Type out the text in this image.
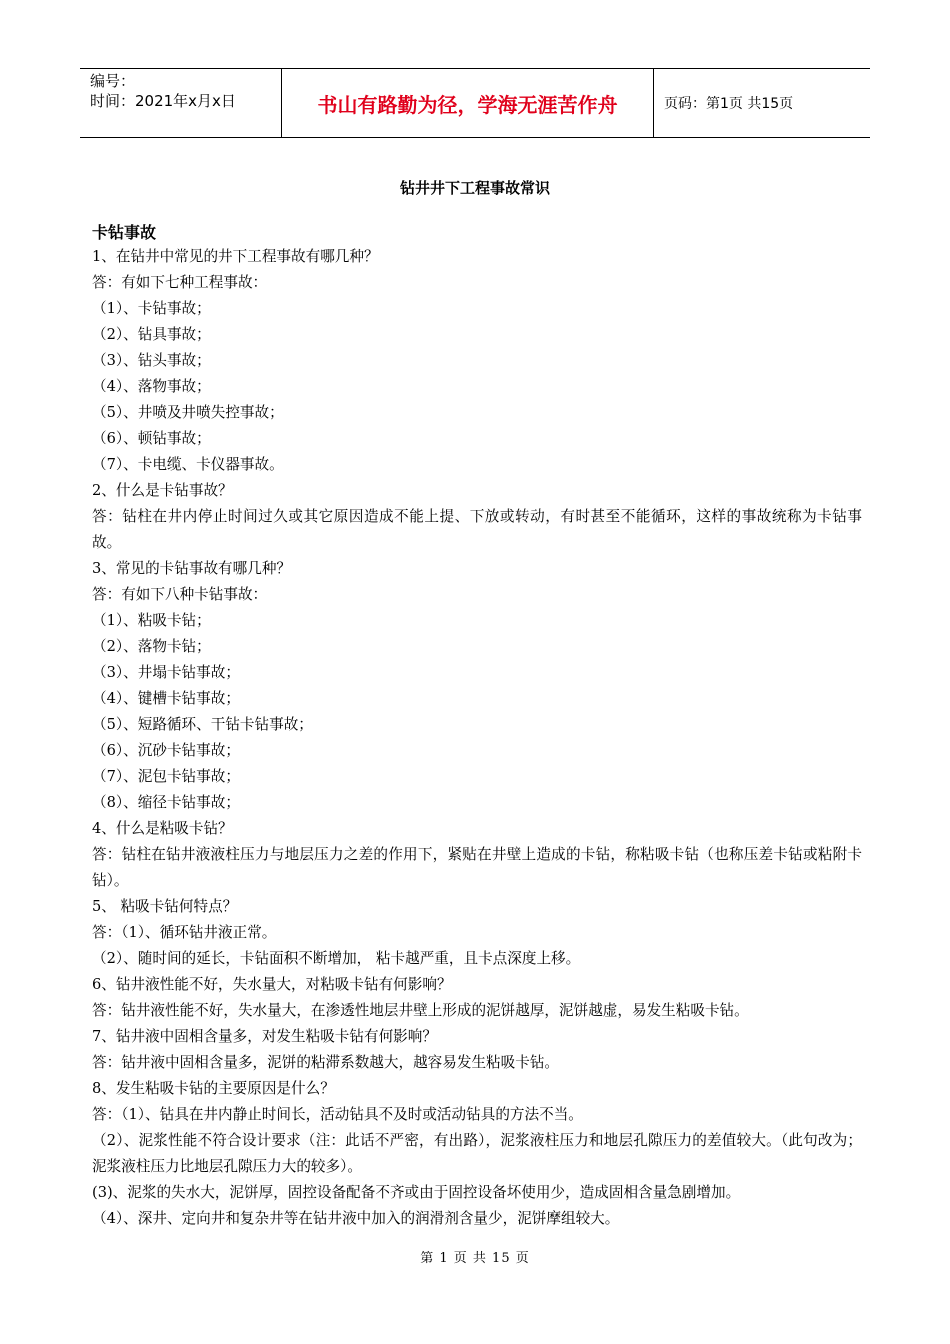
编号：
时间：2021年x月x日	书山有路勤为径，学海无涯苦作舟	页码：第1页 共15页
钻井井下工程事故常识
卡钻事故
1、在钻井中常见的井下工程事故有哪几种？
答：有如下七种工程事故：
（1）、卡钻事故；
（2）、钻具事故；
（3）、钻头事故；
（4）、落物事故；
（5）、井喷及井喷失控事故；
（6）、顿钻事故；
（7）、卡电缆、卡仪器事故。
2、什么是卡钻事故？
答：钻柱在井内停止时间过久或其它原因造成不能上提、下放或转动，有时甚至不能循环，这样的事故统称为卡钻事故。
3、常见的卡钻事故有哪几种？
答：有如下八种卡钻事故：
（1）、粘吸卡钻；
（2）、落物卡钻；
（3）、井塌卡钻事故；
（4）、键槽卡钻事故；
（5）、短路循环、干钻卡钻事故；
（6）、沉砂卡钻事故；
（7）、泥包卡钻事故；
（8）、缩径卡钻事故；
4、什么是粘吸卡钻？
答：钻柱在钻井液液柱压力与地层压力之差的作用下，紧贴在井壁上造成的卡钻，称粘吸卡钻（也称压差卡钻或粘附卡钻）。
5、 粘吸卡钻何特点？
答：（1）、循环钻井液正常。
（2）、随时间的延长，卡钻面积不断增加， 粘卡越严重，且卡点深度上移。
6、钻井液性能不好，失水量大，对粘吸卡钻有何影响？
答：钻井液性能不好，失水量大，在渗透性地层井壁上形成的泥饼越厚，泥饼越虚，易发生粘吸卡钻。
7、钻井液中固相含量多，对发生粘吸卡钻有何影响？
答：钻井液中固相含量多，泥饼的粘滞系数越大，越容易发生粘吸卡钻。
8、发生粘吸卡钻的主要原因是什么？
答：（1）、钻具在井内静止时间长，活动钻具不及时或活动钻具的方法不当。
（2）、泥浆性能不符合设计要求（注：此话不严密，有出路），泥浆液柱压力和地层孔隙压力的差值较大。（此句改为；泥浆液柱压力比地层孔隙压力大的较多）。
(3)、泥浆的失水大，泥饼厚，固控设备配备不齐或由于固控设备坏使用少，造成固相含量急剧增加。
（4）、深井、定向井和复杂井等在钻井液中加入的润滑剂含量少，泥饼摩组较大。
第 1 页 共 15 页
